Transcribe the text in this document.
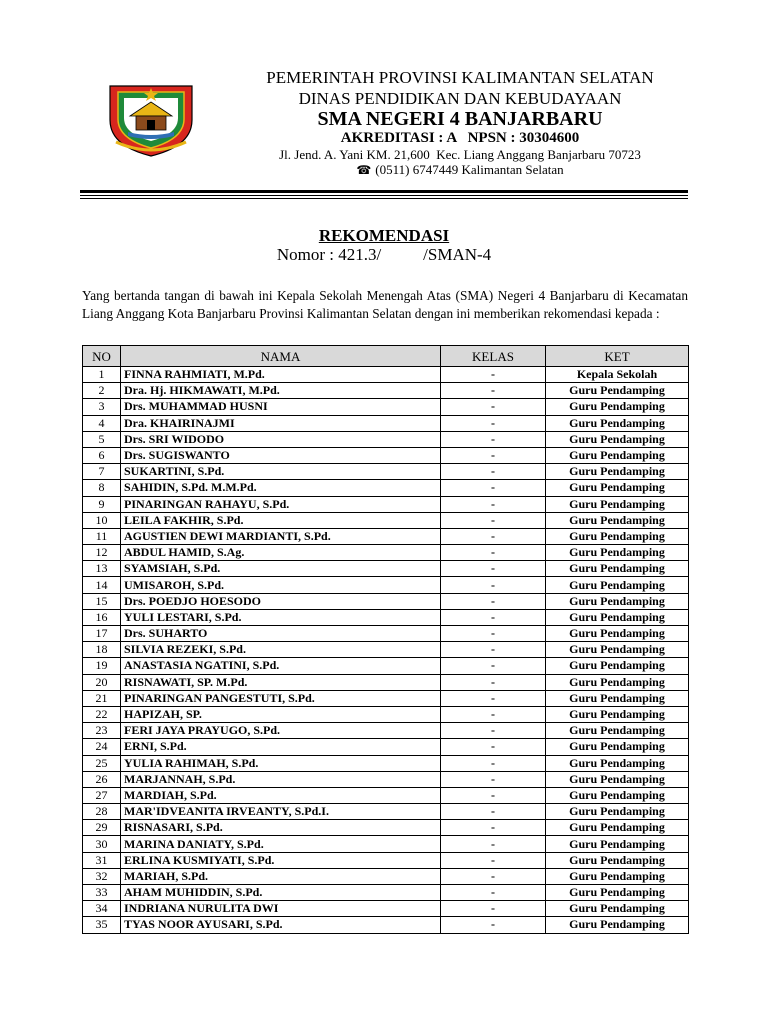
PEMERINTAH PROVINSI KALIMANTAN SELATAN
DINAS PENDIDIKAN DAN KEBUDAYAAN
SMA NEGERI 4 BANJARBARU
AKREDITASI : A   NPSN : 30304600
Jl. Jend. A. Yani KM. 21,600  Kec. Liang Anggang Banjarbaru 70723
☎ (0511) 6747449 Kalimantan Selatan
REKOMENDASI
Nomor : 421.3/ /SMAN-4
Yang bertanda tangan di bawah ini Kepala Sekolah Menengah Atas (SMA) Negeri 4 Banjarbaru di Kecamatan Liang Anggang Kota Banjarbaru Provinsi Kalimantan Selatan dengan ini memberikan rekomendasi kepada :
NO	NAMA	KELAS	KET
1	FINNA RAHMIATI, M.Pd.	-	Kepala Sekolah
2	Dra. Hj. HIKMAWATI, M.Pd.	-	Guru Pendamping
3	Drs. MUHAMMAD HUSNI	-	Guru Pendamping
4	Dra. KHAIRINAJMI	-	Guru Pendamping
5	Drs. SRI WIDODO	-	Guru Pendamping
6	Drs. SUGISWANTO	-	Guru Pendamping
7	SUKARTINI, S.Pd.	-	Guru Pendamping
8	SAHIDIN, S.Pd. M.M.Pd.	-	Guru Pendamping
9	PINARINGAN RAHAYU, S.Pd.	-	Guru Pendamping
10	LEILA FAKHIR, S.Pd.	-	Guru Pendamping
11	AGUSTIEN DEWI MARDIANTI, S.Pd.	-	Guru Pendamping
12	ABDUL HAMID, S.Ag.	-	Guru Pendamping
13	SYAMSIAH, S.Pd.	-	Guru Pendamping
14	UMISAROH, S.Pd.	-	Guru Pendamping
15	Drs. POEDJO HOESODO	-	Guru Pendamping
16	YULI LESTARI, S.Pd.	-	Guru Pendamping
17	Drs. SUHARTO	-	Guru Pendamping
18	SILVIA REZEKI, S.Pd.	-	Guru Pendamping
19	ANASTASIA NGATINI, S.Pd.	-	Guru Pendamping
20	RISNAWATI, SP. M.Pd.	-	Guru Pendamping
21	PINARINGAN PANGESTUTI, S.Pd.	-	Guru Pendamping
22	HAPIZAH, SP.	-	Guru Pendamping
23	FERI JAYA PRAYUGO, S.Pd.	-	Guru Pendamping
24	ERNI, S.Pd.	-	Guru Pendamping
25	YULIA RAHIMAH, S.Pd.	-	Guru Pendamping
26	MARJANNAH, S.Pd.	-	Guru Pendamping
27	MARDIAH, S.Pd.	-	Guru Pendamping
28	MAR'IDVEANITA IRVEANTY, S.Pd.I.	-	Guru Pendamping
29	RISNASARI, S.Pd.	-	Guru Pendamping
30	MARINA DANIATY, S.Pd.	-	Guru Pendamping
31	ERLINA KUSMIYATI, S.Pd.	-	Guru Pendamping
32	MARIAH, S.Pd.	-	Guru Pendamping
33	AHAM MUHIDDIN, S.Pd.	-	Guru Pendamping
34	INDRIANA NURULITA DWI	-	Guru Pendamping
35	TYAS NOOR AYUSARI, S.Pd.	-	Guru Pendamping
